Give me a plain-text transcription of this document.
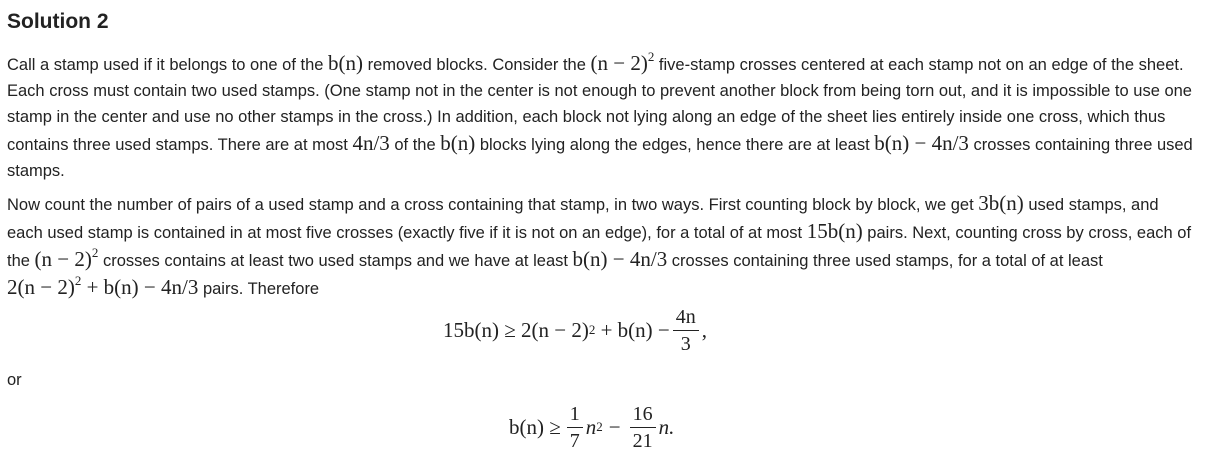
Solution 2

Call a stamp used if it belongs to one of the b(n) removed blocks. Consider the $(n - 2)^2$ five-stamp crosses centered at each stamp not on an edge of the sheet. Each cross must contain two used stamps. (One stamp not in the center is not enough to prevent another block from being torn out, and it is impossible to use one stamp in the center and use no other stamps in the cross.) In addition, each block not lying along an edge of the sheet lies entirely inside one cross, which thus contains three used stamps. There are at most 4n/3 of the b(n) blocks lying along the edges, hence there are at least b(n) − 4n/3 crosses containing three used stamps.

Now count the number of pairs of a used stamp and a cross containing that stamp, in two ways. First counting block by block, we get 3b(n) used stamps, and each used stamp is contained in at most five crosses (exactly five if it is not on an edge), for a total of at most 15b(n) pairs. Next, counting cross by cross, each of the $(n - 2)^2$ crosses contains at least two used stamps and we have at least b(n) − 4n/3 crosses containing three used stamps, for a total of at least $2(n - 2)^2 + b(n) - 4n/3$ pairs. Therefore

$15b(n) \ge 2(n - 2)^2 + b(n) - \frac{4n}{3}$ ,

or

$b(n) \ge \frac{1}{7} n^2 - \frac{16}{21} n$.
